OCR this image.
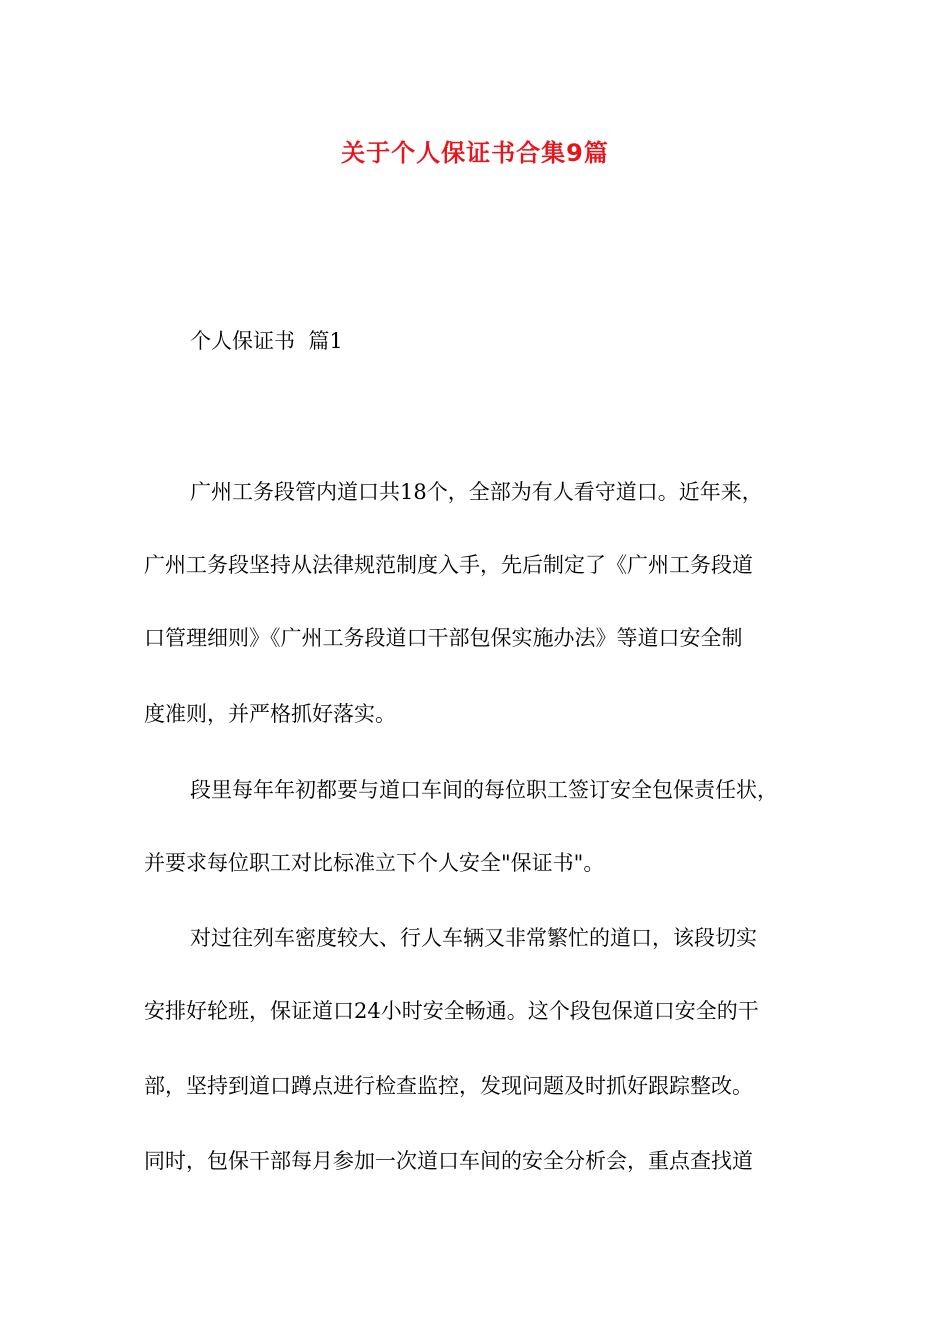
关于个人保证书合集9篇
个人保证书  篇1
广州工务段管内道口共18个，全部为有人看守道口。近年来，
广州工务段坚持从法律规范制度入手，先后制定了《广州工务段道
口管理细则》《广州工务段道口干部包保实施办法》等道口安全制
度准则，并严格抓好落实。
段里每年年初都要与道口车间的每位职工签订安全包保责任状，
并要求每位职工对比标准立下个人安全"保证书"。
对过往列车密度较大、行人车辆又非常繁忙的道口，该段切实
安排好轮班，保证道口24小时安全畅通。这个段包保道口安全的干
部，坚持到道口蹲点进行检查监控，发现问题及时抓好跟踪整改。
同时，包保干部每月参加一次道口车间的安全分析会，重点查找道
